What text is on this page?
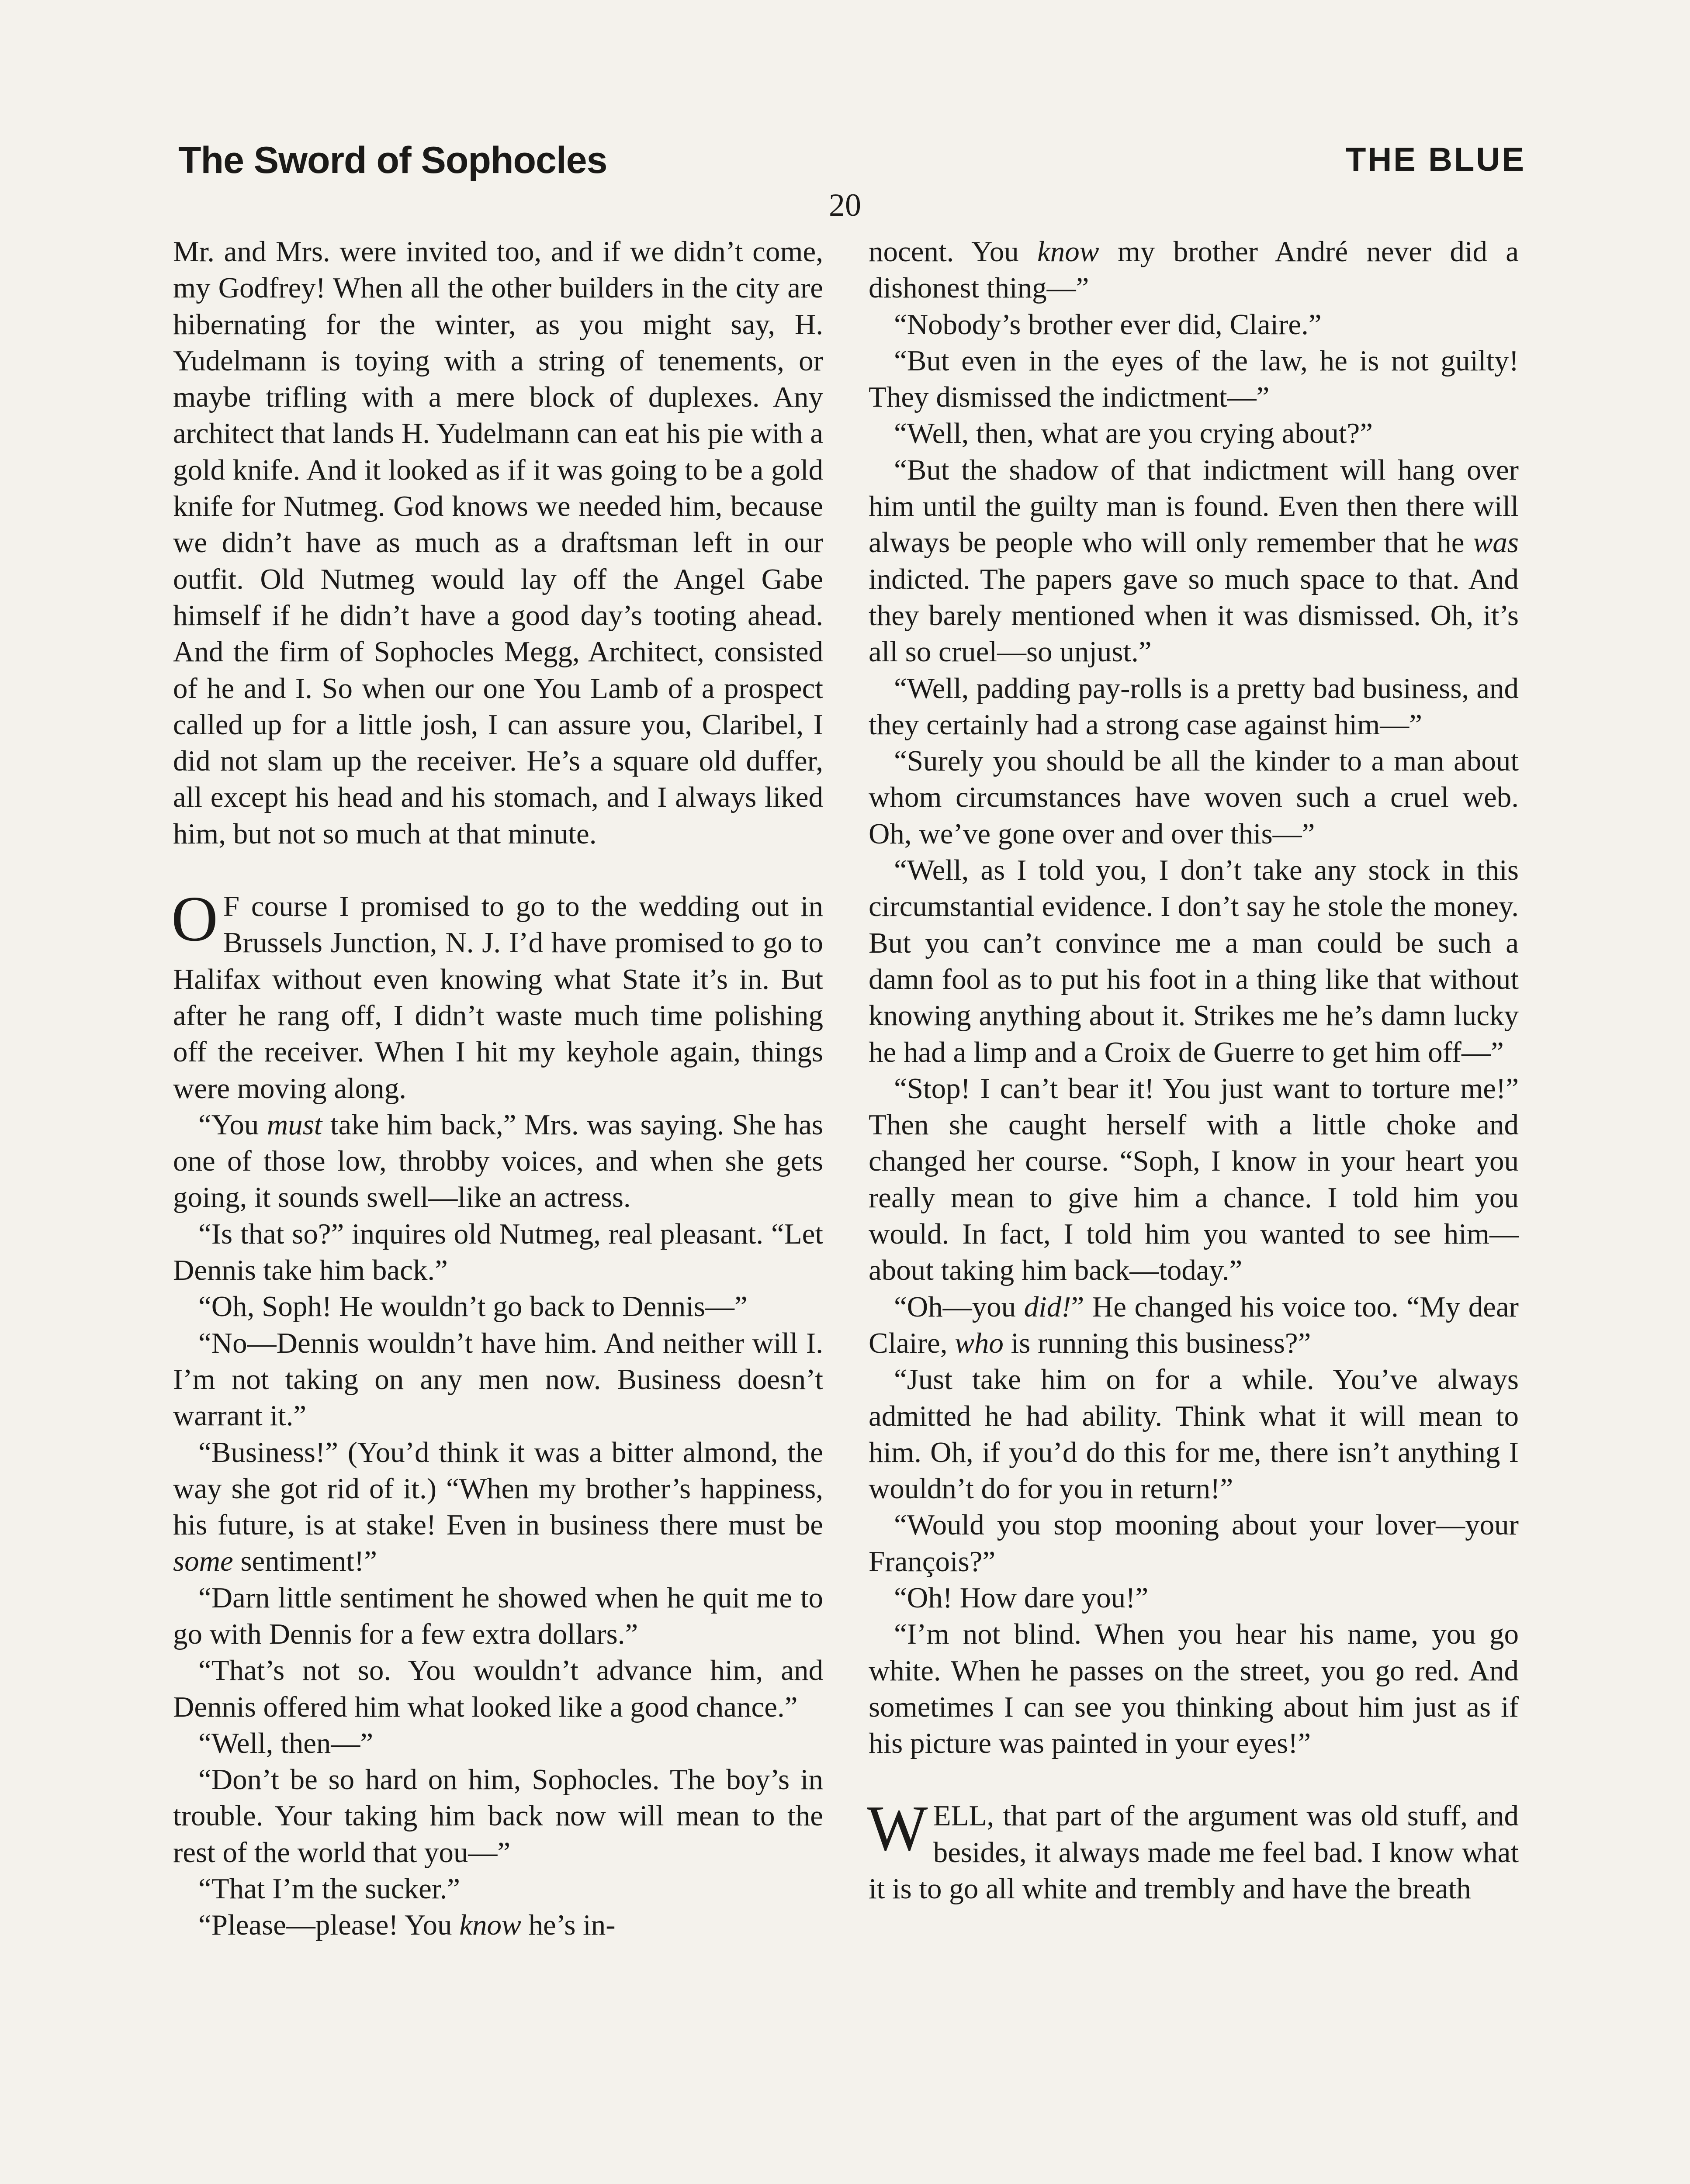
The Sword of Sophocles	THE BLUE
20

Mr. and Mrs. were invited too, and if we didn’t come, my Godfrey! When all the other builders in the city are hibernating for the winter, as you might say, H. Yudelmann is toying with a string of tenements, or maybe trifling with a mere block of duplexes. Any architect that lands H. Yudelmann can eat his pie with a gold knife. And it looked as if it was going to be a gold knife for Nutmeg. God knows we needed him, because we didn’t have as much as a draftsman left in our outfit. Old Nutmeg would lay off the Angel Gabe himself if he didn’t have a good day’s tooting ahead. And the firm of Sophocles Megg, Architect, consisted of he and I. So when our one You Lamb of a prospect called up for a little josh, I can assure you, Claribel, I did not slam up the receiver. He’s a square old duffer, all except his head and his stomach, and I always liked him, but not so much at that minute.

O F course I promised to go to the wedding out in Brussels Junction, N. J. I’d have promised to go to Halifax without even knowing what State it’s in. But after he rang off, I didn’t waste much time polishing off the receiver. When I hit my keyhole again, things were moving along.

“You must take him back,” Mrs. was saying. She has one of those low, throbby voices, and when she gets going, it sounds swell—like an actress.

“Is that so?” inquires old Nutmeg, real pleasant. “Let Dennis take him back.”

“Oh, Soph! He wouldn’t go back to Dennis—”

“No—Dennis wouldn’t have him. And neither will I. I’m not taking on any men now. Business doesn’t warrant it.”

“Business!” (You’d think it was a bitter almond, the way she got rid of it.) “When my brother’s happiness, his future, is at stake! Even in business there must be some sentiment!”

“Darn little sentiment he showed when he quit me to go with Dennis for a few extra dollars.”

“That’s not so. You wouldn’t advance him, and Dennis offered him what looked like a good chance.”

“Well, then—”

“Don’t be so hard on him, Sophocles. The boy’s in trouble. Your taking him back now will mean to the rest of the world that you—”

“That I’m the sucker.”

“Please—please! You know he’s in-

nocent. You know my brother André never did a dishonest thing—”

“Nobody’s brother ever did, Claire.”

“But even in the eyes of the law, he is not guilty! They dismissed the indictment—”

“Well, then, what are you crying about?”

“But the shadow of that indictment will hang over him until the guilty man is found. Even then there will always be people who will only remember that he was indicted. The papers gave so much space to that. And they barely mentioned when it was dismissed. Oh, it’s all so cruel—so unjust.”

“Well, padding pay-rolls is a pretty bad business, and they certainly had a strong case against him—”

“Surely you should be all the kinder to a man about whom circumstances have woven such a cruel web. Oh, we’ve gone over and over this—”

“Well, as I told you, I don’t take any stock in this circumstantial evidence. I don’t say he stole the money. But you can’t convince me a man could be such a damn fool as to put his foot in a thing like that without knowing anything about it. Strikes me he’s damn lucky he had a limp and a Croix de Guerre to get him off—”

“Stop! I can’t bear it! You just want to torture me!” Then she caught herself with a little choke and changed her course. “Soph, I know in your heart you really mean to give him a chance. I told him you would. In fact, I told him you wanted to see him—about taking him back—today.”

“Oh—you did!” He changed his voice too. “My dear Claire, who is running this business?”

“Just take him on for a while. You’ve always admitted he had ability. Think what it will mean to him. Oh, if you’d do this for me, there isn’t anything I wouldn’t do for you in return!”

“Would you stop mooning about your lover—your François?”

“Oh! How dare you!”

“I’m not blind. When you hear his name, you go white. When he passes on the street, you go red. And sometimes I can see you thinking about him just as if his picture was painted in your eyes!”

WELL, that part of the argument was old stuff, and besides, it always made me feel bad. I know what it is to go all white and trembly and have the breath
